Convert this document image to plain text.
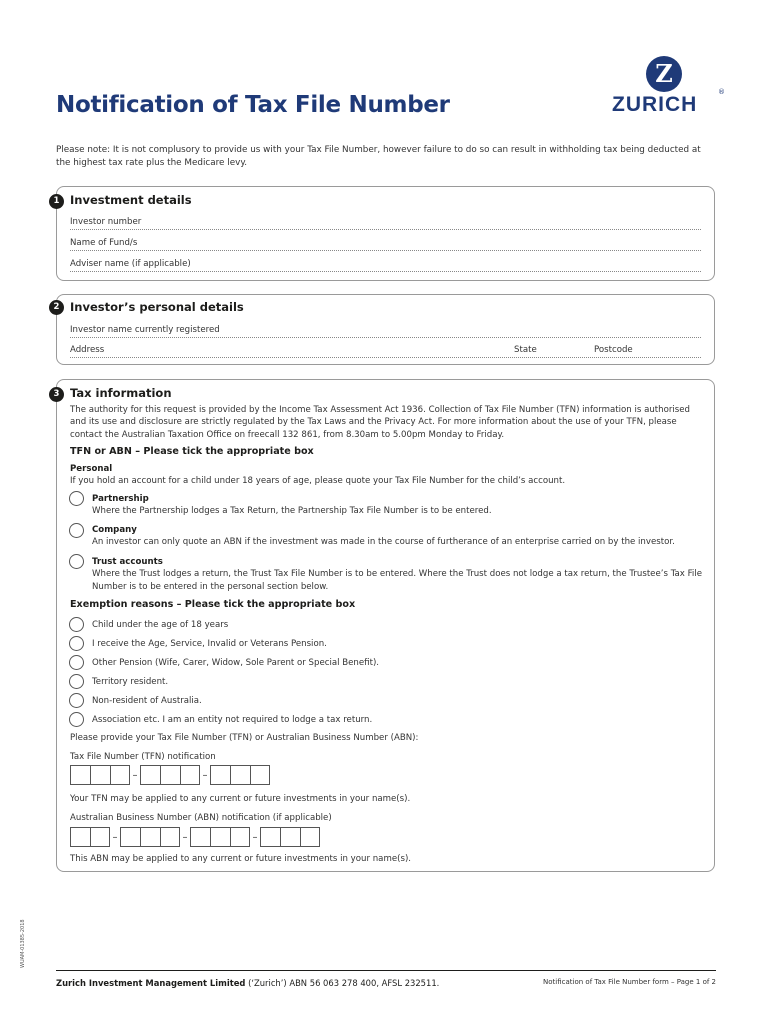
Notification of Tax File Number
Z
ZURICH
®
Please note: It is not complusory to provide us with your Tax File Number, however failure to do so can result in withholding tax being deducted at the highest tax rate plus the Medicare levy.
1 Investment details
Investor number
Name of Fund/s
Adviser name (if applicable)
2 Investor’s personal details
Investor name currently registered
Address	State	Postcode
3 Tax information
The authority for this request is provided by the Income Tax Assessment Act 1936. Collection of Tax File Number (TFN) information is authorised and its use and disclosure are strictly regulated by the Tax Laws and the Privacy Act. For more information about the use of your TFN, please contact the Australian Taxation Office on freecall 132 861, from 8.30am to 5.00pm Monday to Friday.
TFN or ABN – Please tick the appropriate box
Personal
If you hold an account for a child under 18 years of age, please quote your Tax File Number for the child’s account.
Partnership
Where the Partnership lodges a Tax Return, the Partnership Tax File Number is to be entered.
Company
An investor can only quote an ABN if the investment was made in the course of furtherance of an enterprise carried on by the investor.
Trust accounts
Where the Trust lodges a return, the Trust Tax File Number is to be entered. Where the Trust does not lodge a tax return, the Trustee’s Tax File Number is to be entered in the personal section below.
Exemption reasons – Please tick the appropriate box
Child under the age of 18 years
I receive the Age, Service, Invalid or Veterans Pension.
Other Pension (Wife, Carer, Widow, Sole Parent or Special Benefit).
Territory resident.
Non-resident of Australia.
Association etc. I am an entity not required to lodge a tax return.
Please provide your Tax File Number (TFN) or Australian Business Number (ABN):
Tax File Number (TFN) notification
–	–
Your TFN may be applied to any current or future investments in your name(s).
Australian Business Number (ABN) notification (if applicable)
–	–	–
This ABN may be applied to any current or future investments in your name(s).
WUAM-01385-2018
Zurich Investment Management Limited (‘Zurich’) ABN 56 063 278 400, AFSL 232511.	Notification of Tax File Number form – Page 1 of 2
